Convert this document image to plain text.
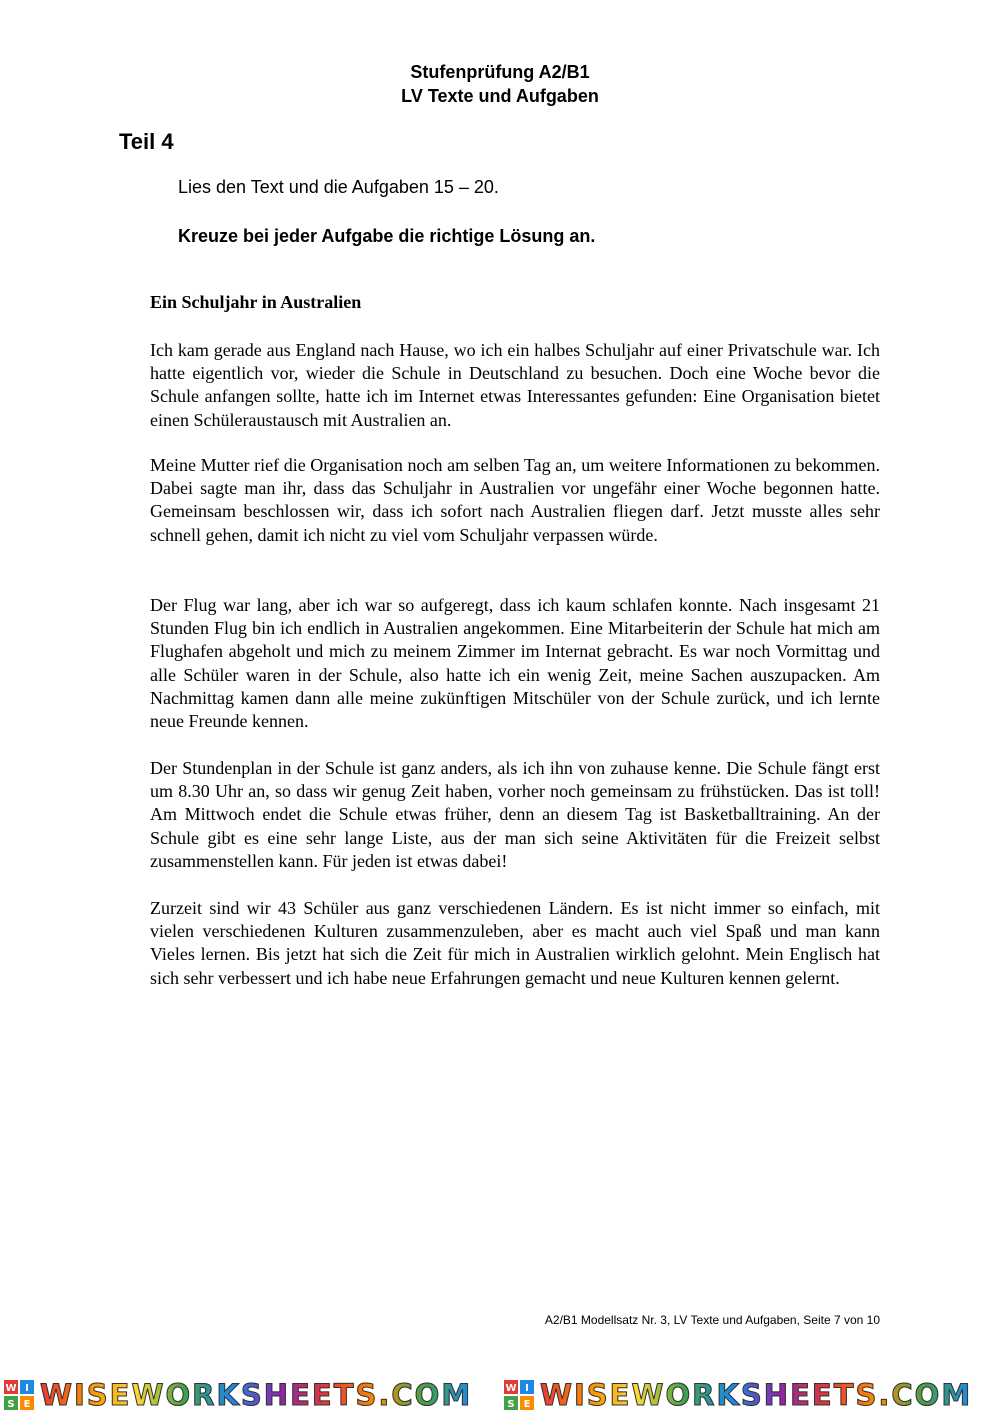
Stufenprüfung A2/B1
LV Texte und Aufgaben
Teil 4
Lies den Text und die Aufgaben 15 – 20.
Kreuze bei jeder Aufgabe die richtige Lösung an.
Ein Schuljahr in Australien
Ich kam gerade aus England nach Hause, wo ich ein halbes Schuljahr auf einer Privatschule war. Ich hatte eigentlich vor, wieder die Schule in Deutschland zu besuchen. Doch eine Woche bevor die Schule anfangen sollte, hatte ich im Internet etwas Interessantes gefunden: Eine Organisation bietet einen Schüleraustausch mit Australien an.
Meine Mutter rief die Organisation noch am selben Tag an, um weitere Informationen zu bekommen. Dabei sagte man ihr, dass das Schuljahr in Australien vor ungefähr einer Woche begonnen hatte. Gemeinsam beschlossen wir, dass ich sofort nach Australien fliegen darf. Jetzt musste alles sehr schnell gehen, damit ich nicht zu viel vom Schuljahr verpassen würde.
Der Flug war lang, aber ich war so aufgeregt, dass ich kaum schlafen konnte. Nach insgesamt 21 Stunden Flug bin ich endlich in Australien angekommen. Eine Mitarbeiterin der Schule hat mich am Flughafen abgeholt und mich zu meinem Zimmer im Internat gebracht. Es war noch Vormittag und alle Schüler waren in der Schule, also hatte ich ein wenig Zeit, meine Sachen auszupacken. Am Nachmittag kamen dann alle meine zukünftigen Mitschüler von der Schule zurück, und ich lernte neue Freunde kennen.
Der Stundenplan in der Schule ist ganz anders, als ich ihn von zuhause kenne. Die Schule fängt erst um 8.30 Uhr an, so dass wir genug Zeit haben, vorher noch gemeinsam zu frühstücken. Das ist toll! Am Mittwoch endet die Schule etwas früher, denn an diesem Tag ist Basketballtraining. An der Schule gibt es eine sehr lange Liste, aus der man sich seine Aktivitäten für die Freizeit selbst zusammenstellen kann. Für jeden ist etwas dabei!
Zurzeit sind wir 43 Schüler aus ganz verschiedenen Ländern. Es ist nicht immer so einfach, mit vielen verschiedenen Kulturen zusammenzuleben, aber es macht auch viel Spaß und man kann Vieles lernen. Bis jetzt hat sich die Zeit für mich in Australien wirklich gelohnt. Mein Englisch hat sich sehr verbessert und ich habe neue Erfahrungen gemacht und neue Kulturen kennen gelernt.
A2/B1 Modellsatz Nr. 3, LV Texte und Aufgaben, Seite 7 von 10
W I
S E WISEWORKSHEETS.COM	W I
S E WISEWORKSHEETS.COM
